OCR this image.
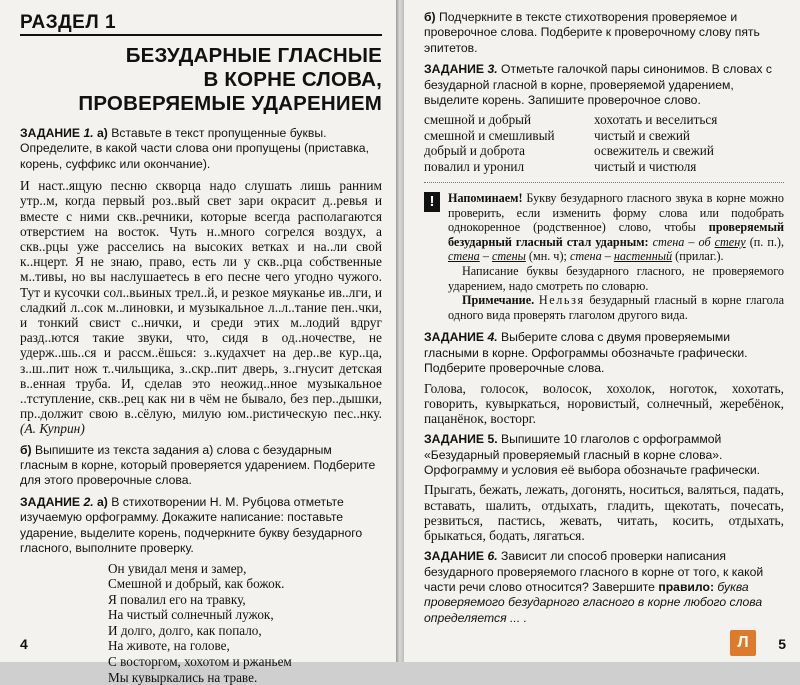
РАЗДЕЛ 1
БЕЗУДАРНЫЕ ГЛАСНЫЕ
В КОРНЕ СЛОВА,
ПРОВЕРЯЕМЫЕ УДАРЕНИЕМ

ЗАДАНИЕ 1. а) Вставьте в текст пропущенные буквы. Определите, в какой части слова они пропущены (приставка, корень, суффикс или окончание).

И наст..ящую песню скворца надо слушать лишь ранним утр..м, когда первый роз..вый свет зари окрасит д..ревья и вместе с ними скв..речники, которые всегда располагаются отверстием на восток. Чуть н..много согрелся воздух, а скв..рцы уже расселись на высоких ветках и на..ли свой к..нцерт. Я не знаю, право, есть ли у скв..рца собственные м..тивы, но вы наслушаетесь в его песне чего угодно чужого. Тут и кусочки сол..вьиных трел..й, и резкое мяуканье ив..лги, и сладкий л..сок м..линовки, и музыкальное л..л..тание пен..чки, и тонкий свист с..нички, и среди этих м..лодий вдруг разд..ются такие звуки, что, сидя в од..ночестве, не удерж..шь..ся и рассм..ёшься: з..кудахчет на дер..ве кур..ца, з..ш..пит нож т..чильщика, з..скр..пит дверь, з..гнусит детская в..енная труба. И, сделав это неожид..нное музыкальное ..тступление, скв..рец как ни в чём не бывало, без пер..дышки, пр..должит свою в..сёлую, милую юм..ристическую пес..нку. (А. Куприн)

б) Выпишите из текста задания а) слова с безударным гласным в корне, который проверяется ударением. Подберите для этого проверочные слова.

ЗАДАНИЕ 2. а) В стихотворении Н. М. Рубцова отметьте изучаемую орфограмму. Докажите написание: поставьте ударение, выделите корень, подчеркните букву безударного гласного, выполните проверку.

Он увидал меня и замер,
Смешной и добрый, как божок.
Я повалил его на травку,
На чистый солнечный лужок,
И долго, долго, как попало,
На животе, на голове,
С восторгом, хохотом и ржаньем
Мы кувыркались на траве.
4

б) Подчеркните в тексте стихотворения проверяемое и проверочное слова. Подберите к проверочному слову пять эпитетов.

ЗАДАНИЕ 3. Отметьте галочкой пары синонимов. В словах с безударной гласной в корне, проверяемой ударением, выделите корень. Запишите проверочное слово.

смешной и добрый	хохотать и веселиться
смешной и смешливый	чистый и свежий
добрый и доброта	освежитель и свежий
повалил и уронил	чистый и чистюля
!	Напоминаем! Букву безударного гласного звука в корне можно проверить, если изменить форму слова или подобрать однокоренное (родственное) слово, чтобы проверяемый безударный гласный стал ударным: стена – об стену (п. п.), стена – стены (мн. ч); стена – настенный (прилаг.).

Написание буквы безударного гласного, не проверяемого ударением, надо смотреть по словарю.

Примечание. Нельзя безударный гласный в корне глагола одного вида проверять глаголом другого вида.

ЗАДАНИЕ 4. Выберите слова с двумя проверяемыми гласными в корне. Орфограммы обозначьте графически. Подберите проверочные слова.

Голова, голосок, волосок, хохолок, ноготок, хохотать, говорить, кувыркаться, норовистый, солнечный, жеребёнок, пацанёнок, восторг.

ЗАДАНИЕ 5. Выпишите 10 глаголов с орфограммой «Безударный проверяемый гласный в корне слова». Орфограмму и условия её выбора обозначьте графически.

Прыгать, бежать, лежать, догонять, носиться, валяться, падать, вставать, шалить, отдыхать, гладить, щекотать, почесать, резвиться, пастись, жевать, читать, косить, отдыхать, брыкаться, бодать, лягаться.

ЗАДАНИЕ 6. Зависит ли способ проверки написания безударного проверяемого гласного в корне от того, к какой части речи слово относится? Завершите правило: буква проверяемого безударного гласного в корне любого слова определяется ... .

Л	5
